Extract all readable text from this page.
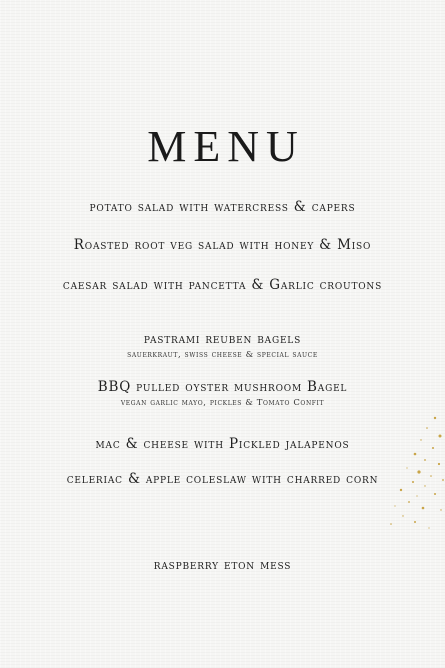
MENU
potato salad with watercress & capers
Roasted root veg salad with honey & Miso
caesar salad with pancetta & Garlic croutons
pastrami reuben bagels
sauerkraut, swiss cheese & special sauce
BBQ pulled oyster mushroom Bagel
vegan garlic mayo, pickles & Tomato Confit
mac & cheese with Pickled jalapenos
celeriac & apple coleslaw with charred corn
raspberry eton mess
